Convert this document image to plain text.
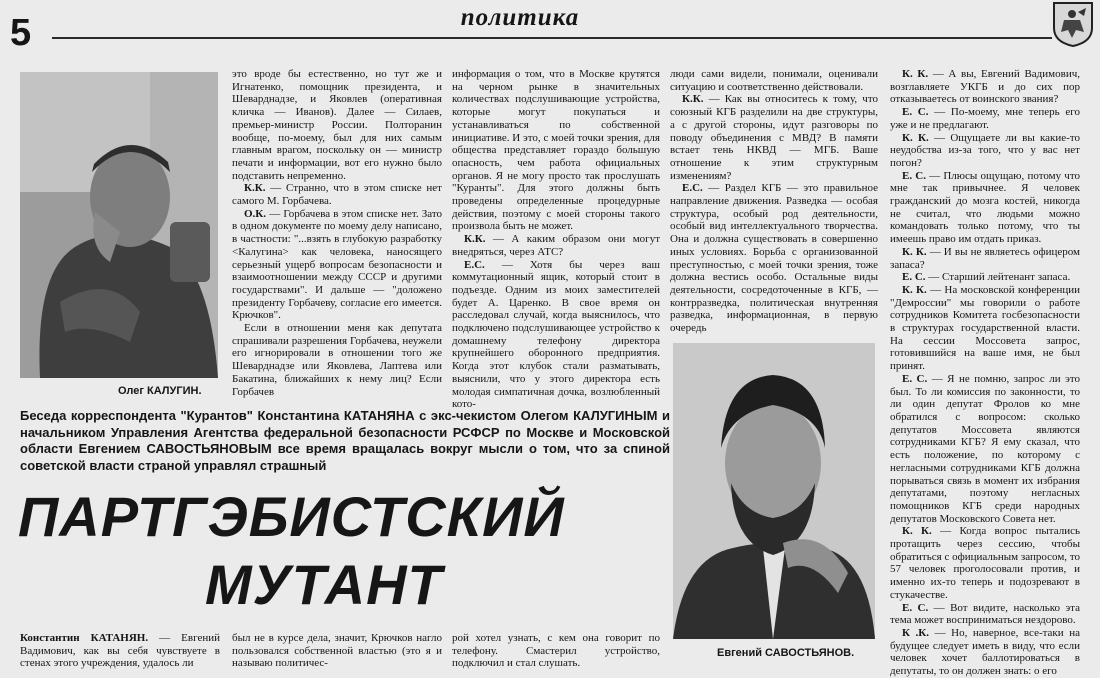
5	политика
Олег КАЛУГИН.

это вроде бы естественно, но тут же и Игнатенко, помощник президента, и Шеварднадзе, и Яковлев (оперативная кличка — Иванов). Далее — Силаев, премьер-министр России. Полторанин вообще, по-моему, был для них самым главным врагом, поскольку он — министр печати и информации, вот его нужно было подставить непременно.

К.К. — Странно, что в этом списке нет самого М. Горбачева.

О.К. — Горбачева в этом списке нет. Зато в одном документе по моему делу написано, в частности: "...взять в глубокую разработку <Калугина> как человека, наносящего серьезный ущерб вопросам безопасности и взаимоотношении между СССР и другими государствами". И дальше — "доложено президенту Горбачеву, согласие его имеется. Крючков".

Если в отношении меня как депутата спрашивали разрешения Горбачева, неужели его игнорировали в отношении того же Шеварднадзе или Яковлева, Лаптева или Бакатина, ближайших к нему лиц? Если Горбачев

информация о том, что в Москве крутятся на черном рынке в значительных количествах подслушивающие устройства, которые могут покупаться и устанавливаться по собственной инициативе. И это, с моей точки зрения, для общества представляет гораздо большую опасность, чем работа официальных органов. Я не могу просто так прослушать "Куранты". Для этого должны быть проведены определенные процедурные действия, поэтому с моей стороны такого произвола быть не может.

К.К. — А каким образом они могут внедряться, через АТС?

Е.С. — Хотя бы через ваш коммутационный ящик, который стоит в подъезде. Одним из моих заместителей будет А. Царенко. В свое время он расследовал случай, когда выяснилось, что подключено подслушивающее устройство к домашнему телефону директора крупнейшего оборонного предприятия. Когда этот клубок стали разматывать, выяснили, что у этого директора есть молодая симпатичная дочка, возлюбленный кото-

люди сами видели, понимали, оценивали ситуацию и соответственно действовали.

К.К. — Как вы относитесь к тому, что союзный КГБ разделили на две структуры, а с другой стороны, идут разговоры по поводу объединения с МВД? В памяти встает тень НКВД — МГБ. Ваше отношение к этим структурным изменениям?

Е.С. — Раздел КГБ — это правильное направление движения. Разведка — особая структура, особый род деятельности, особый вид интеллектуального творчества. Она и должна существовать в совершенно иных условиях. Борьба с организованной преступностью, с моей точки зрения, тоже должна вестись особо. Остальные виды деятельности, сосредоточенные в КГБ, — контрразведка, политическая внутренняя разведка, информационная, в первую очередь

К. К. — А вы, Евгений Вадимович, возглавляете УКГБ и до сих пор отказываетесь от воинского звания?

Е. С. — По-моему, мне теперь его уже и не предлагают.

К. К. — Ощущаете ли вы какие-то неудобства из-за того, что у вас нет погон?

Е. С. — Плюсы ощущаю, потому что мне так привычнее. Я человек гражданский до мозга костей, никогда не считал, что людьми можно командовать только потому, что ты имеешь право им отдать приказ.

К. К. — И вы не являетесь офицером запаса?

Е. С. — Старший лейтенант запаса.

К. К. — На московской конференции "Демроссии" мы говорили о работе сотрудников Комитета госбезопасности в структурах государственной власти. На сессии Моссовета запрос, готовившийся на ваше имя, не был принят.

Е. С. — Я не помню, запрос ли это был. То ли комиссия по законности, то ли один депутат Фролов ко мне обратился с вопросом: сколько депутатов Моссовета являются сотрудниками КГБ? Я ему сказал, что есть положение, по которому с негласными сотрудниками КГБ должна порываться связь в момент их избрания депутатами, поэтому негласных помощников КГБ среди народных депутатов Московского Совета нет.

К. К. — Когда вопрос пытались протащить через сессию, чтобы обратиться с официальным запросом, то 57 человек проголосовали против, и именно их-то теперь и подозревают в стукачестве.

Е. С. — Вот видите, насколько эта тема может восприниматься нездорово.

К .К. — Но, наверное, все-таки на будущее следует иметь в виду, что если человек хочет баллотироваться в депутаты, то он должен знать: о его

Евгений САВОСТЬЯНОВ.
Беседа корреспондента "Курантов" Константина КАТАНЯНА с экс-чекистом Олегом КАЛУГИНЫМ и начальником Управления Агентства федеральной безопасности РСФСР по Москве и Московской области Евгением САВОСТЬЯНОВЫМ все время вращалась вокруг мысли о том, что за спиной советской власти страной управлял страшный
ПАРТГЭБИСТСКИЙ
МУТАНТ

Константин КАТАНЯН. — Евгений Вадимович, как вы себя чувствуете в стенах этого учреждения, удалось ли

был не в курсе дела, значит, Крючков нагло пользовался собственной властью (это я и называю политичес-

рой хотел узнать, с кем она говорит по телефону. Смастерил устройство, подключил и стал слушать.
